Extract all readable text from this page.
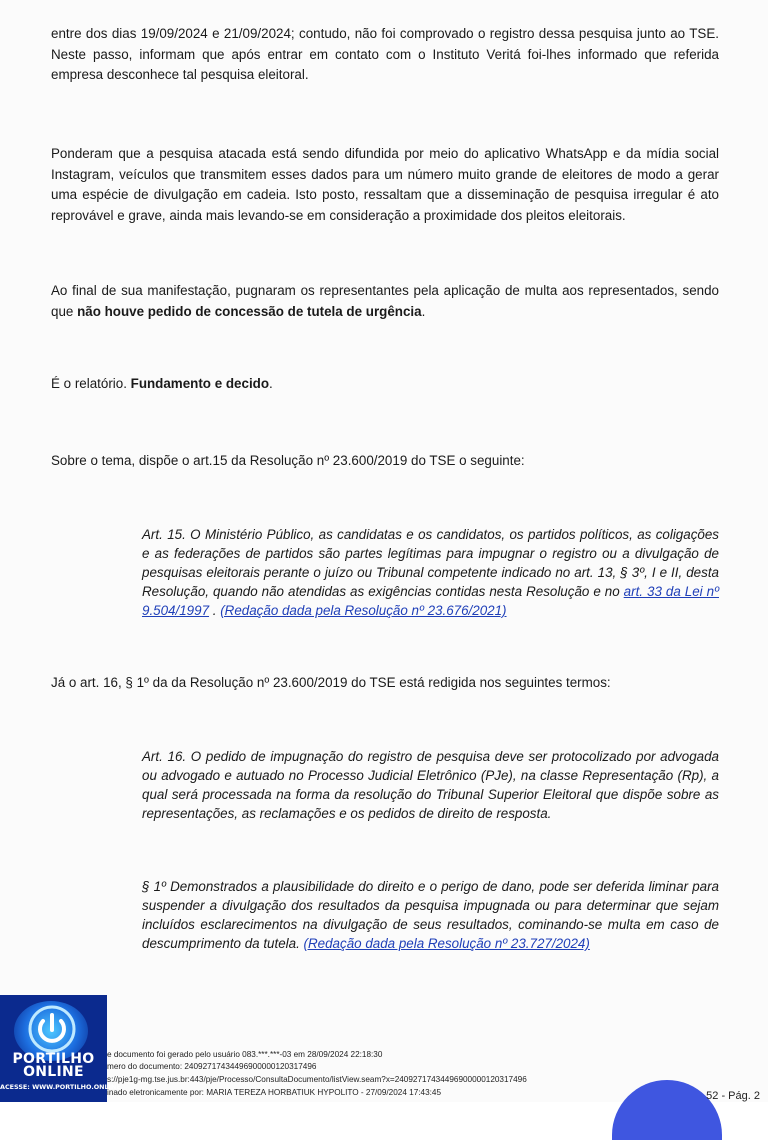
entre dos dias 19/09/2024 e 21/09/2024; contudo, não foi comprovado o registro dessa pesquisa junto ao TSE. Neste passo, informam que após entrar em contato com o Instituto Veritá foi-lhes informado que referida empresa desconhece tal pesquisa eleitoral.

Ponderam que a pesquisa atacada está sendo difundida por meio do aplicativo WhatsApp e da mídia social Instagram, veículos que transmitem esses dados para um número muito grande de eleitores de modo a gerar uma espécie de divulgação em cadeia. Isto posto, ressaltam que a disseminação de pesquisa irregular é ato reprovável e grave, ainda mais levando-se em consideração a proximidade dos pleitos eleitorais.

Ao final de sua manifestação, pugnaram os representantes pela aplicação de multa aos representados, sendo que não houve pedido de concessão de tutela de urgência.

É o relatório. Fundamento e decido.

Sobre o tema, dispõe o art.15 da Resolução nº 23.600/2019 do TSE o seguinte:

Art. 15. O Ministério Público, as candidatas e os candidatos, os partidos políticos, as coligações e as federações de partidos são partes legítimas para impugnar o registro ou a divulgação de pesquisas eleitorais perante o juízo ou Tribunal competente indicado no art. 13, § 3º, I e II, desta Resolução, quando não atendidas as exigências contidas nesta Resolução e no art. 33 da Lei nº 9.504/1997 . (Redação dada pela Resolução nº 23.676/2021)

Já o art. 16, § 1º da da Resolução nº 23.600/2019 do TSE está redigida nos seguintes termos:

Art. 16. O pedido de impugnação do registro de pesquisa deve ser protocolizado por advogada ou advogado e autuado no Processo Judicial Eletrônico (PJe), na classe Representação (Rp), a qual será processada na forma da resolução do Tribunal Superior Eleitoral que dispõe sobre as representações, as reclamações e os pedidos de direito de resposta.

§ 1º Demonstrados a plausibilidade do direito e o perigo de dano, pode ser deferida liminar para suspender a divulgação dos resultados da pesquisa impugnada ou para determinar que sejam incluídos esclarecimentos na divulgação de seus resultados, cominando-se multa em caso de descumprimento da tutela. (Redação dada pela Resolução nº 23.727/2024)

e documento foi gerado pelo usuário 083.***.***-03 em 28/09/2024 22:18:30
mero do documento: 24092717434496900000120317496
s://pje1g-mg.tse.jus.br:443/pje/Processo/ConsultaDocumento/listView.seam?x=24092717434496900000120317496
inado eletronicamente por: MARIA TEREZA HORBATIUK HYPOLITO - 27/09/2024 17:43:45	52 - Pág. 2
PORTILHO
ONLINE
ACESSE: WWW.PORTILHO.ONLINE
